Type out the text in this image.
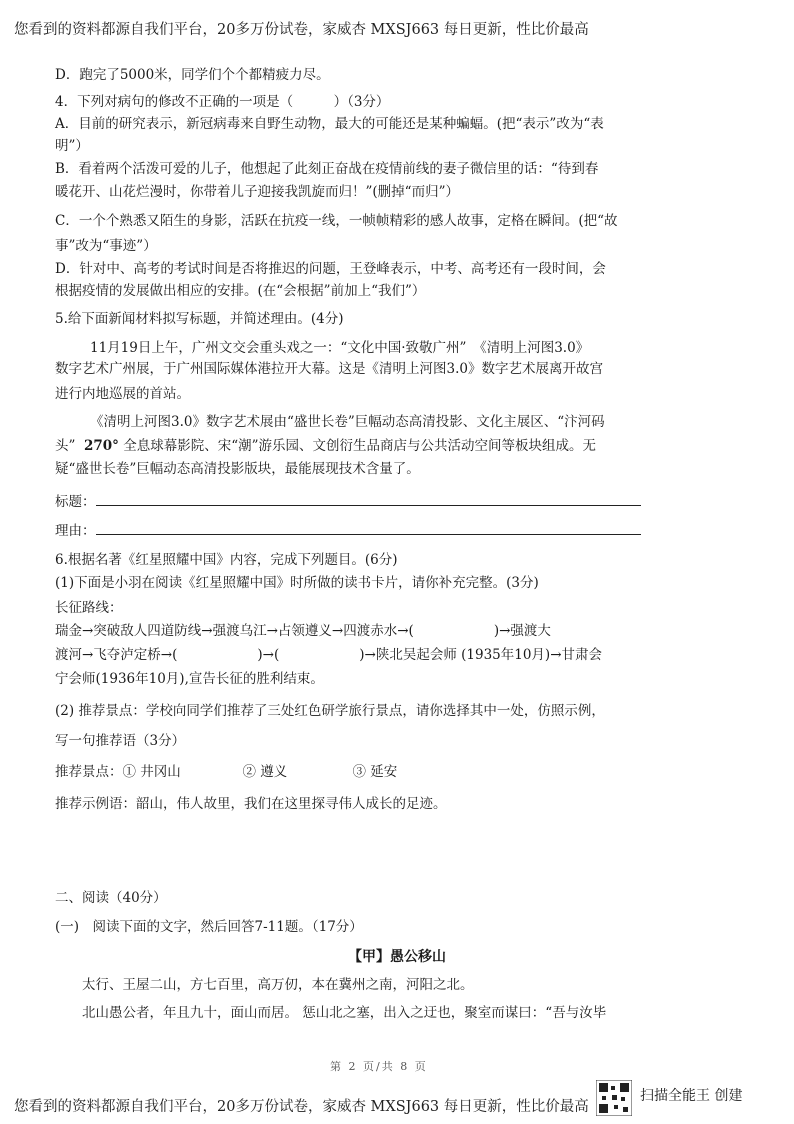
您看到的资料都源自我们平台，20多万份试卷，家威杏 MXSJ663 每日更新，性比价最高
D．跑完了5000米，同学们个个都精疲力尽。
4．下列对病句的修改不正确的一项是（　　　）（3分）
A．目前的研究表示，新冠病毒来自野生动物，最大的可能还是某种蝙蝠。(把“表示”改为“表
明”）
B．看着两个活泼可爱的儿子，他想起了此刻正奋战在疫情前线的妻子微信里的话：“待到春
暖花开、山花烂漫时，你带着儿子迎接我凯旋而归！”(删掉“而归”）
C．一个个熟悉又陌生的身影，活跃在抗疫一线，一帧帧精彩的感人故事，定格在瞬间。(把“故
事”改为“事迹”）
D．针对中、高考的考试时间是否将推迟的问题，王登峰表示，中考、高考还有一段时间，会
根据疫情的发展做出相应的安排。(在“会根据”前加上“我们”）
5.给下面新闻材料拟写标题，并简述理由。(4分)
11月19日上午，广州文交会重头戏之一：“文化中国·致敬广州”　《清明上河图3.0》
数字艺术广州展，于广州国际媒体港拉开大幕。这是《清明上河图3.0》数字艺术展离开故宫
进行内地巡展的首站。
《清明上河图3.0》数字艺术展由“盛世长卷”巨幅动态高清投影、文化主展区、“汴河码
头” 270° 全息球幕影院、宋“潮”游乐园、文创衍生品商店与公共活动空间等板块组成。无
疑“盛世长卷”巨幅动态高清投影版块，最能展现技术含量了。
标题：
理由：
6.根据名著《红星照耀中国》内容，完成下列题目。(6分)
(1)下面是小羽在阅读《红星照耀中国》时所做的读书卡片，请你补充完整。(3分)
长征路线：
瑞金→突破敌人四道防线→强渡乌江→占领遵义→四渡赤水→(	)→强渡大
渡河→飞夺泸定桥→(	)→(	)→陕北吴起会师 (1935年10月)→甘肃会
宁会师(1936年10月),宣告长征的胜利结束。
(2) 推荐景点：学校向同学们推荐了三处红色研学旅行景点，请你选择其中一处，仿照示例，
写一句推荐语（3分）
推荐景点：① 井冈山	② 遵义	③ 延安
推荐示例语：韶山，伟人故里，我们在这里探寻伟人成长的足迹。
二、阅读（40分）
(一)　阅读下面的文字，然后回答7-11题。（17分）
【甲】愚公移山
太行、王屋二山，方七百里，高万仞，本在冀州之南，河阳之北。
北山愚公者，年且九十，面山而居。 惩山北之塞，出入之迂也，聚室而谋曰：“吾与汝毕
第 2 页/共 8 页
您看到的资料都源自我们平台，20多万份试卷，家威杏 MXSJ663 每日更新，性比价最高
扫描全能王 创建
